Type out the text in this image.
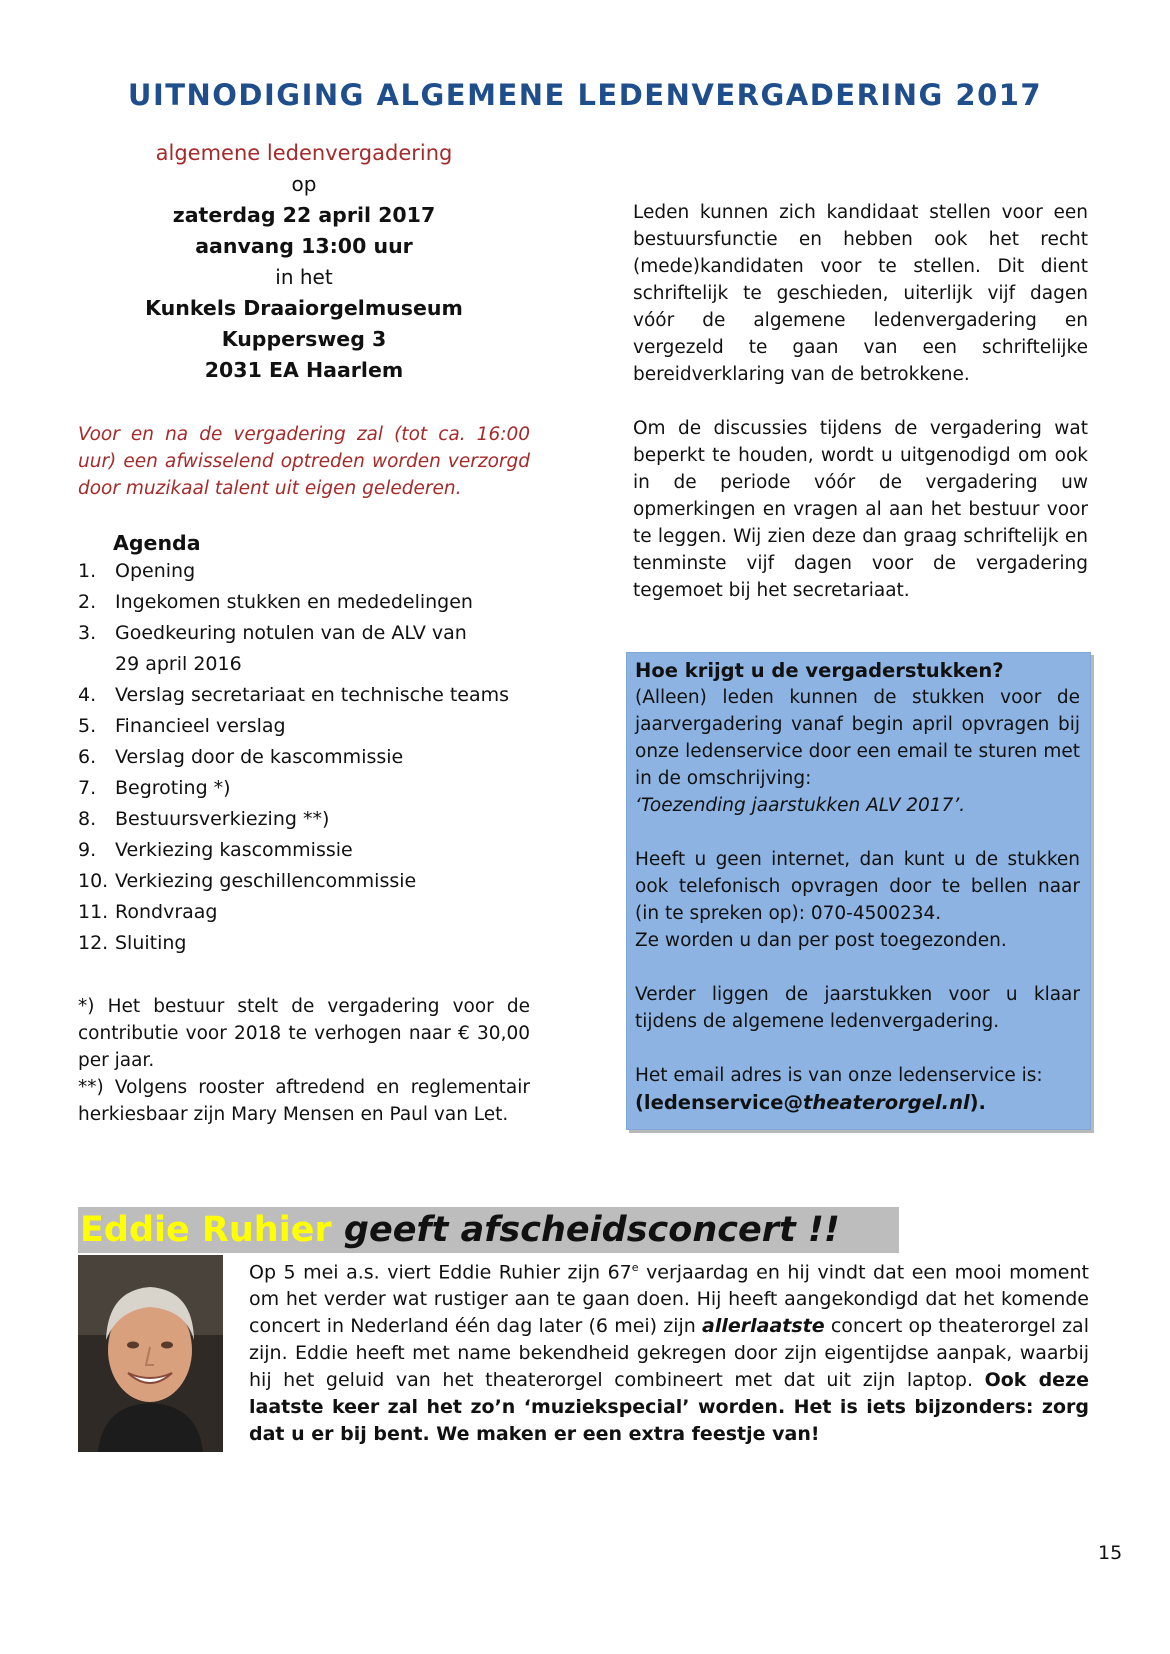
UITNODIGING ALGEMENE LEDENVERGADERING 2017
algemene ledenvergadering
op
zaterdag 22 april 2017
aanvang 13:00 uur
in het
Kunkels Draaiorgelmuseum
Kuppersweg 3
2031 EA Haarlem
Voor en na de vergadering zal (tot ca. 16:00 uur) een afwisselend optreden worden verzorgd door muzikaal talent uit eigen gelederen.
Agenda
1. Opening
2. Ingekomen stukken en mededelingen
3. Goedkeuring notulen van de ALV van
29 april 2016
4. Verslag secretariaat en technische teams
5. Financieel verslag
6. Verslag door de kascommissie
7. Begroting *)
8. Bestuursverkiezing **)
9. Verkiezing kascommissie
10. Verkiezing geschillencommissie
11. Rondvraag
12. Sluiting

*) Het bestuur stelt de vergadering voor de contributie voor 2018 te verhogen naar € 30,00 per jaar.

**) Volgens rooster aftredend en reglementair herkiesbaar zijn Mary Mensen en Paul van Let.

Leden kunnen zich kandidaat stellen voor een bestuursfunctie en hebben ook het recht (mede)kandidaten voor te stellen. Dit dient schriftelijk te geschieden, uiterlijk vijf dagen vóór de algemene ledenvergadering en vergezeld te gaan van een schriftelijke bereidverklaring van de betrokkene.

Om de discussies tijdens de vergadering wat beperkt te houden, wordt u uitgenodigd om ook in de periode vóór de vergadering uw opmerkingen en vragen al aan het bestuur voor te leggen. Wij zien deze dan graag schriftelijk en tenminste vijf dagen voor de vergadering tegemoet bij het secretariaat.

Hoe krijgt u de vergaderstukken?

(Alleen) leden kunnen de stukken voor de jaarvergadering vanaf begin april opvragen bij onze ledenservice door een email te sturen met in de omschrijving:
‘Toezending jaarstukken ALV 2017’.

Heeft u geen internet, dan kunt u de stukken ook telefonisch opvragen door te bellen naar (in te spreken op): 070-4500234.
Ze worden u dan per post toegezonden.

Verder liggen de jaarstukken voor u klaar tijdens de algemene ledenvergadering.

Het email adres is van onze ledenservice is:
(ledenservice@theaterorgel.nl).
Eddie Ruhier geeft afscheidsconcert !!
Op 5 mei a.s. viert Eddie Ruhier zijn 67e verjaardag en hij vindt dat een mooi moment om het verder wat rustiger aan te gaan doen. Hij heeft aangekondigd dat het komende concert in Nederland één dag later (6 mei) zijn allerlaatste concert op theaterorgel zal zijn. Eddie heeft met name bekendheid gekregen door zijn eigentijdse aanpak, waarbij hij het geluid van het theaterorgel combineert met dat uit zijn laptop. Ook deze laatste keer zal het zo’n ‘muziekspecial’ worden. Het is iets bijzonders: zorg dat u er bij bent. We maken er een extra feestje van!
15
